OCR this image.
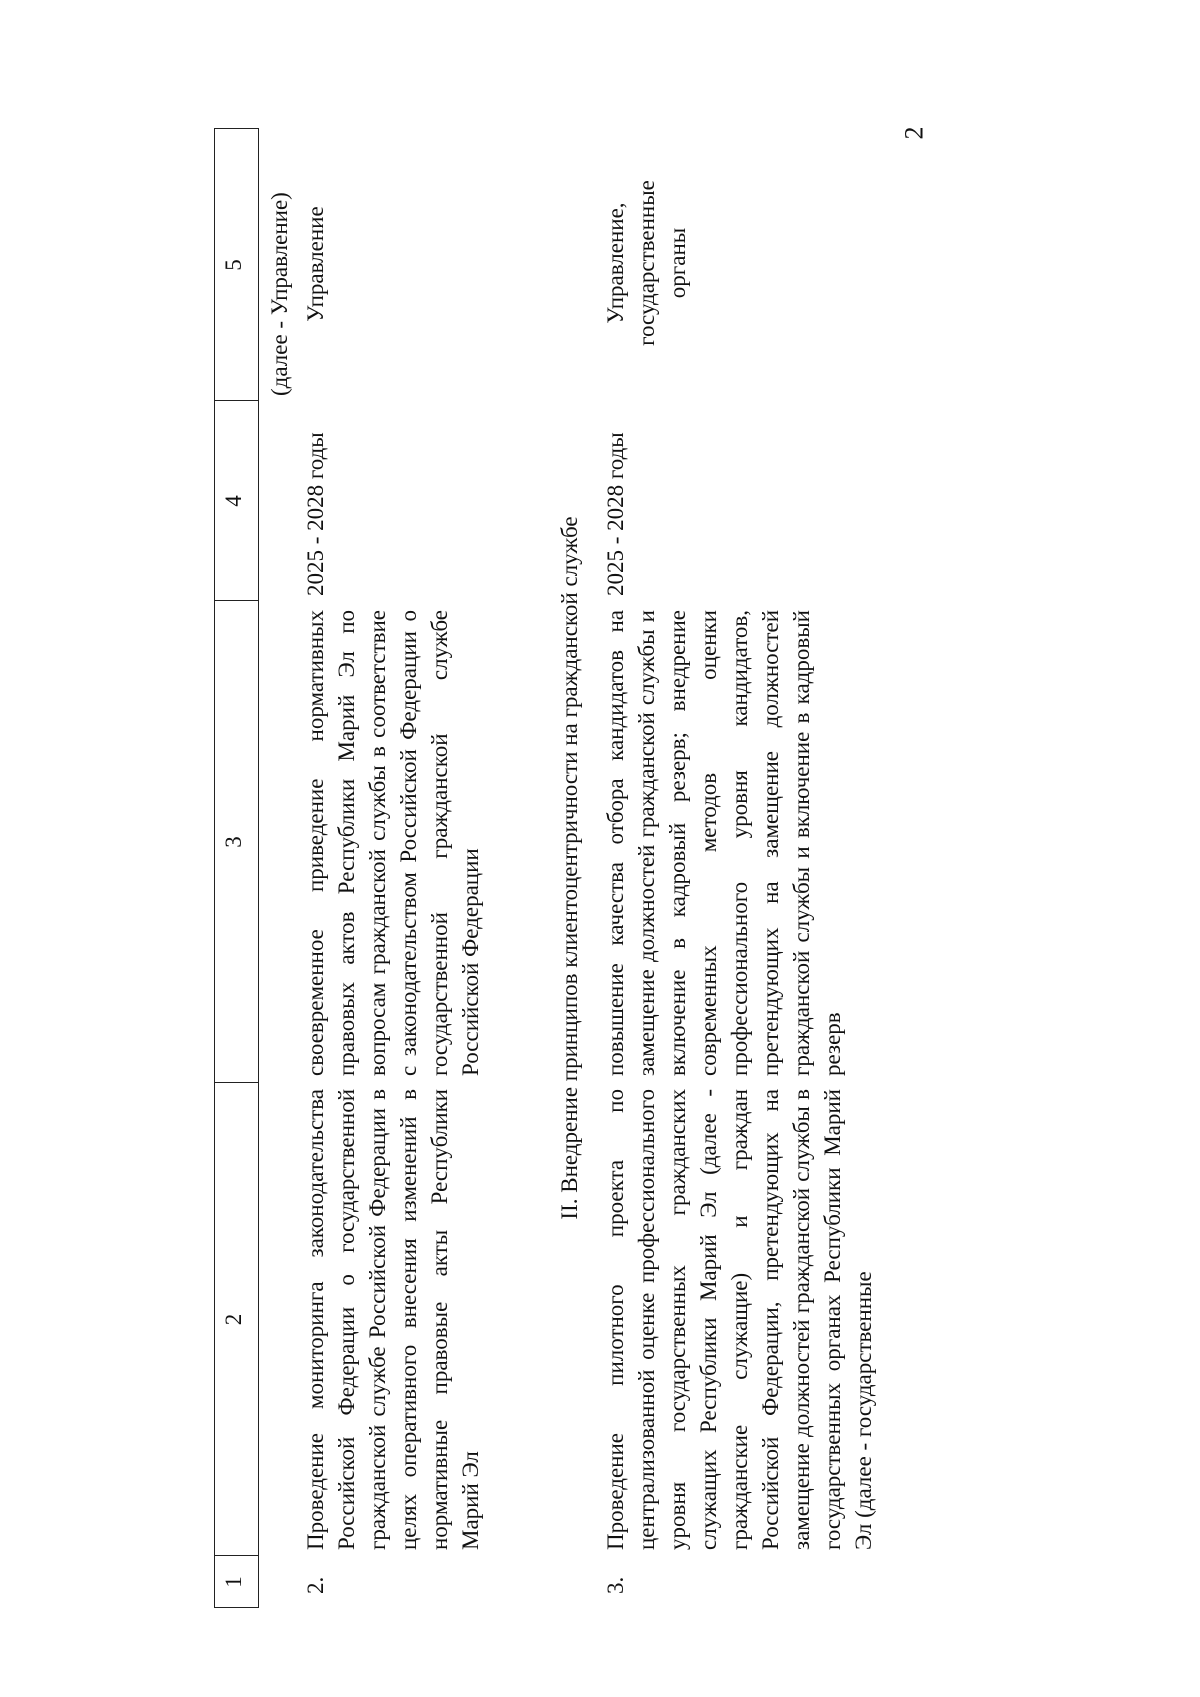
2
1
2
3
4
5 (далее - Управление)
2.
Проведение мониторинга законодательства Российской Федерации о государственной гражданской службе Российской Федерации в целях оперативного внесения изменений в нормативные правовые акты Республики Марий Эл
своевременное приведение нормативных правовых актов Республики Марий Эл по вопросам гражданской службы в соответствие с законодательством Российской Федерации о государственной гражданской службе Российской Федерации
2025 - 2028 годы
Управление
II. Внедрение принципов клиентоцентричности на гражданской службе
3.
Проведение пилотного проекта по централизованной оценке профессионального уровня государственных гражданских служащих Республики Марий Эл (далее - гражданские служащие) и граждан Российской Федерации, претендующих на замещение должностей гражданской службы в государственных органах Республики Марий Эл (далее - государственные
повышение качества отбора кандидатов на замещение должностей гражданской службы и включение в кадровый резерв; внедрение современных методов оценки профессионального уровня кандидатов, претендующих на замещение должностей гражданской службы и включение в кадровый резерв
2025 - 2028 годы
Управление, государственные органы
